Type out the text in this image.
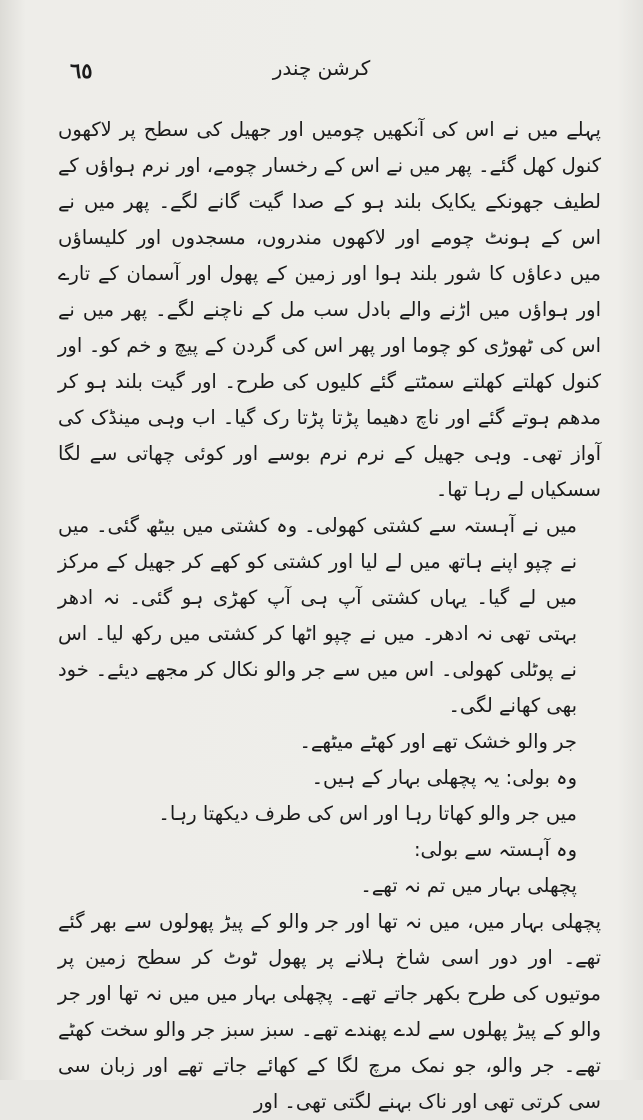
٦٥	کرشن چندر

پہلے میں نے اس کی آنکھیں چومیں اور جھیل کی سطح پر لاکھوں کنول کھل گئے۔ پھر میں نے اس کے رخسار چومے، اور نرم ہواؤں کے لطیف جھونکے یکایک بلند ہو کے صدا گیت گانے لگے۔ پھر میں نے اس کے ہونٹ چومے اور لاکھوں مندروں، مسجدوں اور کلیساؤں میں دعاؤں کا شور بلند ہوا اور زمین کے پھول اور آسمان کے تارے اور ہواؤں میں اڑنے والے بادل سب مل کے ناچنے لگے۔ پھر میں نے اس کی ٹھوڑی کو چوما اور پھر اس کی گردن کے پیچ و خم کو۔ اور کنول کھلتے کھلتے سمٹتے گئے کلیوں کی طرح۔ اور گیت بلند ہو کر مدھم ہوتے گئے اور ناچ دھیما پڑتا پڑتا رک گیا۔ اب وہی مینڈک کی آواز تھی۔ وہی جھیل کے نرم نرم بوسے اور کوئی چھاتی سے لگا سسکیاں لے رہا تھا۔

میں نے آہستہ سے کشتی کھولی۔ وہ کشتی میں بیٹھ گئی۔ میں نے چپو اپنے ہاتھ میں لے لیا اور کشتی کو کھے کر جھیل کے مرکز میں لے گیا۔ یہاں کشتی آپ ہی آپ کھڑی ہو گئی۔ نہ ادھر بہتی تھی نہ ادھر۔ میں نے چپو اٹھا کر کشتی میں رکھ لیا۔ اس نے پوٹلی کھولی۔ اس میں سے جر والو نکال کر مجھے دیئے۔ خود بھی کھانے لگی۔

جر والو خشک تھے اور کھٹے میٹھے۔

وہ بولی: یہ پچھلی بہار کے ہیں۔

میں جر والو کھاتا رہا اور اس کی طرف دیکھتا رہا۔

وہ آہستہ سے بولی:

پچھلی بہار میں تم نہ تھے۔

پچھلی بہار میں، میں نہ تھا اور جر والو کے پیڑ پھولوں سے بھر گئے تھے۔ اور دور اسی شاخ ہلانے پر پھول ٹوٹ کر سطح زمین پر موتیوں کی طرح بکھر جاتے تھے۔ پچھلی بہار میں میں نہ تھا اور جر والو کے پیڑ پھلوں سے لدے پھندے تھے۔ سبز سبز جر والو سخت کھٹے تھے۔ جر والو، جو نمک مرچ لگا کے کھائے جاتے تھے اور زبان سی سی کرتی تھی اور ناک بہنے لگتی تھی۔ اور
